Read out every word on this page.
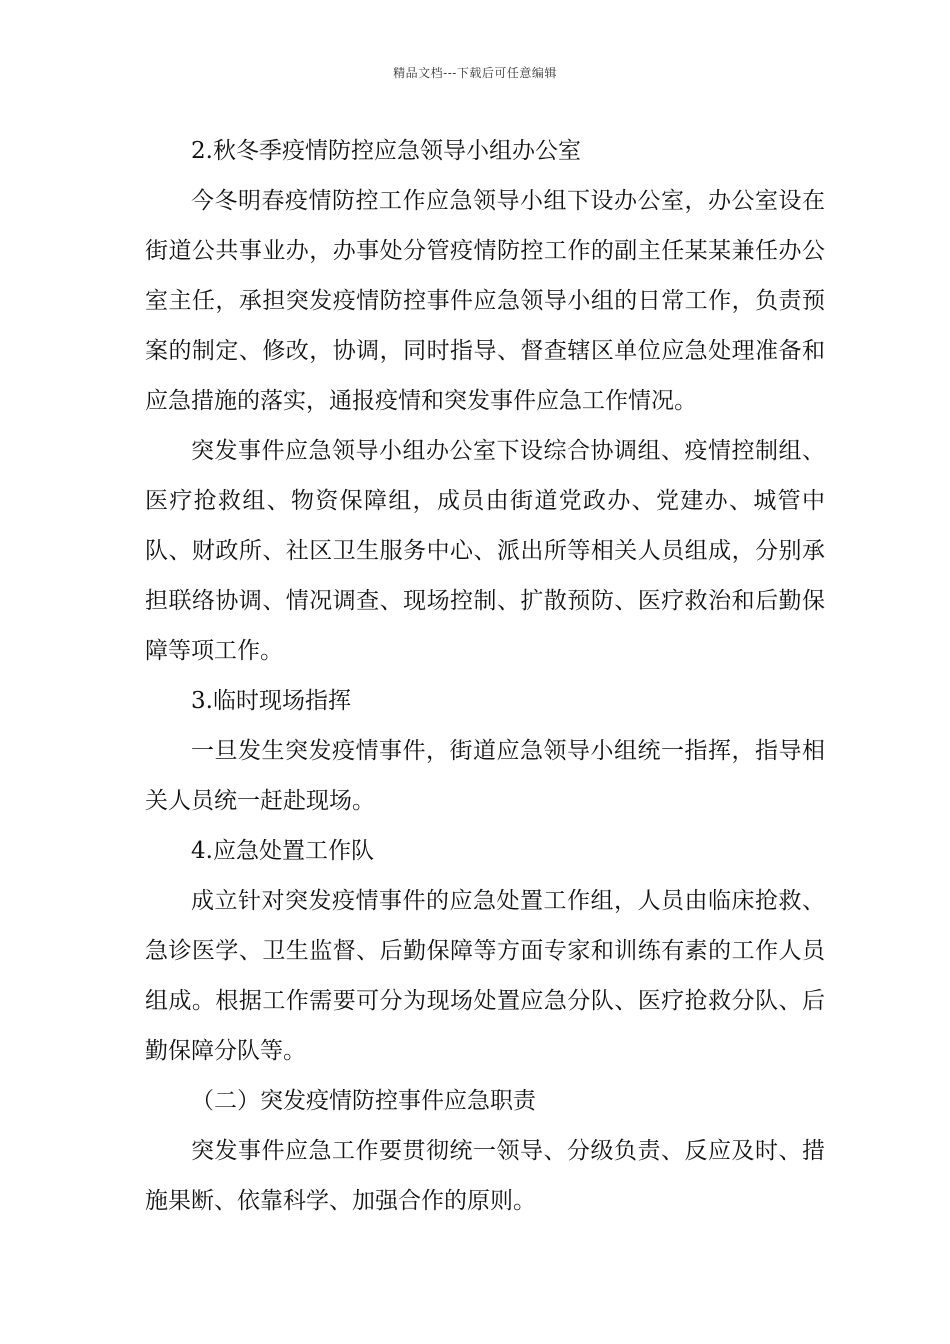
精品文档---下载后可任意编辑

2.秋冬季疫情防控应急领导小组办公室

今冬明春疫情防控工作应急领导小组下设办公室，办公室设在街道公共事业办，办事处分管疫情防控工作的副主任某某兼任办公室主任，承担突发疫情防控事件应急领导小组的日常工作，负责预案的制定、修改，协调，同时指导、督查辖区单位应急处理准备和应急措施的落实，通报疫情和突发事件应急工作情况。

突发事件应急领导小组办公室下设综合协调组、疫情控制组、医疗抢救组、物资保障组，成员由街道党政办、党建办、城管中队、财政所、社区卫生服务中心、派出所等相关人员组成，分别承担联络协调、情况调查、现场控制、扩散预防、医疗救治和后勤保障等项工作。

3.临时现场指挥

一旦发生突发疫情事件，街道应急领导小组统一指挥，指导相关人员统一赶赴现场。

4.应急处置工作队

成立针对突发疫情事件的应急处置工作组，人员由临床抢救、急诊医学、卫生监督、后勤保障等方面专家和训练有素的工作人员组成。根据工作需要可分为现场处置应急分队、医疗抢救分队、后勤保障分队等。

（二）突发疫情防控事件应急职责

突发事件应急工作要贯彻统一领导、分级负责、反应及时、措施果断、依靠科学、加强合作的原则。
